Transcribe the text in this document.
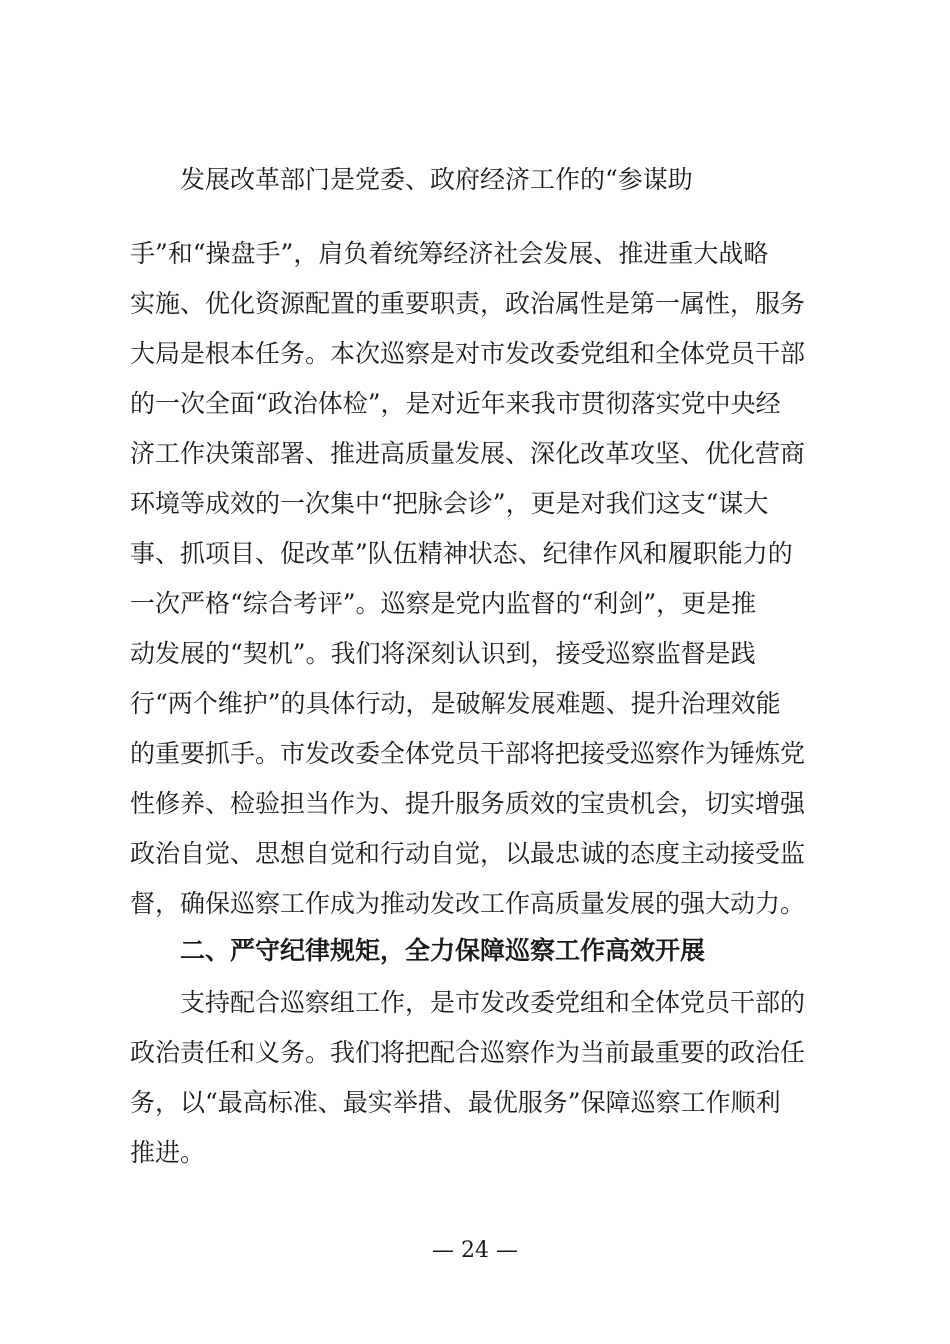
发展改革部门是党委、政府经济工作的“参谋助

手”和“操盘手”，肩负着统筹经济社会发展、推进重大战略

实施、优化资源配置的重要职责，政治属性是第一属性，服务

大局是根本任务。本次巡察是对市发改委党组和全体党员干部

的一次全面“政治体检”，是对近年来我市贯彻落实党中央经

济工作决策部署、推进高质量发展、深化改革攻坚、优化营商

环境等成效的一次集中“把脉会诊”，更是对我们这支“谋大

事、抓项目、促改革”队伍精神状态、纪律作风和履职能力的

一次严格“综合考评”。巡察是党内监督的“利剑”，更是推

动发展的“契机”。我们将深刻认识到，接受巡察监督是践

行“两个维护”的具体行动，是破解发展难题、提升治理效能

的重要抓手。市发改委全体党员干部将把接受巡察作为锤炼党

性修养、检验担当作为、提升服务质效的宝贵机会，切实增强

政治自觉、思想自觉和行动自觉，以最忠诚的态度主动接受监

督，确保巡察工作成为推动发改工作高质量发展的强大动力。

二、严守纪律规矩，全力保障巡察工作高效开展

支持配合巡察组工作，是市发改委党组和全体党员干部的

政治责任和义务。我们将把配合巡察作为当前最重要的政治任

务，以“最高标准、最实举措、最优服务”保障巡察工作顺利

推进。

— 24 —
